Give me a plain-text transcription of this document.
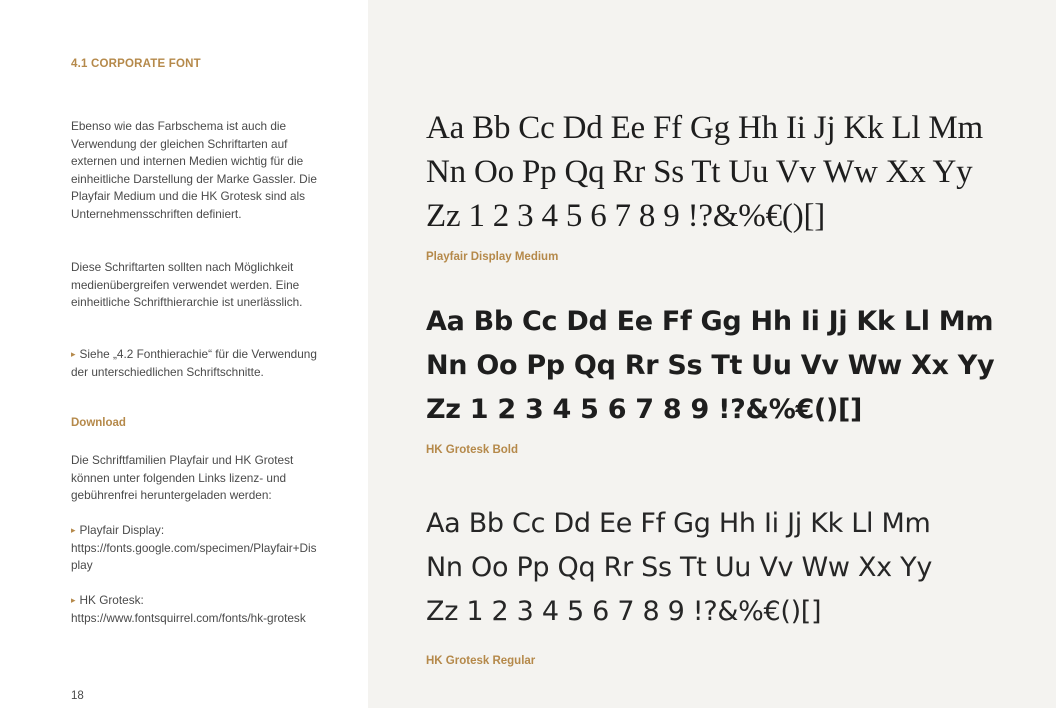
4.1 CORPORATE FONT

Ebenso wie das Farbschema ist auch die Verwendung der gleichen Schriftarten auf externen und internen Medien wichtig für die einheitliche Darstellung der Marke Gassler. Die Playfair Medium und die HK Grotesk sind als Unternehmensschriften definiert.

Diese Schriftarten sollten nach Möglichkeit medienübergreifen verwendet werden. Eine einheitliche Schrifthierarchie ist unerlässlich.

▸ Siehe „4.2 Fonthierachie“ für die Verwendung der unterschiedlichen Schriftschnitte.

Download

Die Schriftfamilien Playfair und HK Grotest können unter folgenden Links lizenz- und gebührenfrei heruntergeladen werden:

▸ Playfair Display:
https://fonts.google.com/specimen/Playfair+Display

▸ HK Grotesk:
https://www.fontsquirrel.com/fonts/hk-grotesk

18

Aa Bb Cc Dd Ee Ff Gg Hh Ii Jj Kk Ll Mm
Nn Oo Pp Qq Rr Ss Tt Uu Vv Ww Xx Yy
Zz 1 2 3 4 5 6 7 8 9 !?&%€()[]

Playfair Display Medium

Aa Bb Cc Dd Ee Ff Gg Hh Ii Jj Kk Ll Mm
Nn Oo Pp Qq Rr Ss Tt Uu Vv Ww Xx Yy
Zz 1 2 3 4 5 6 7 8 9 !?&%€()[]

HK Grotesk Bold

Aa Bb Cc Dd Ee Ff Gg Hh Ii Jj Kk Ll Mm
Nn Oo Pp Qq Rr Ss Tt Uu Vv Ww Xx Yy
Zz 1 2 3 4 5 6 7 8 9 !?&%€()[]

HK Grotesk Regular
